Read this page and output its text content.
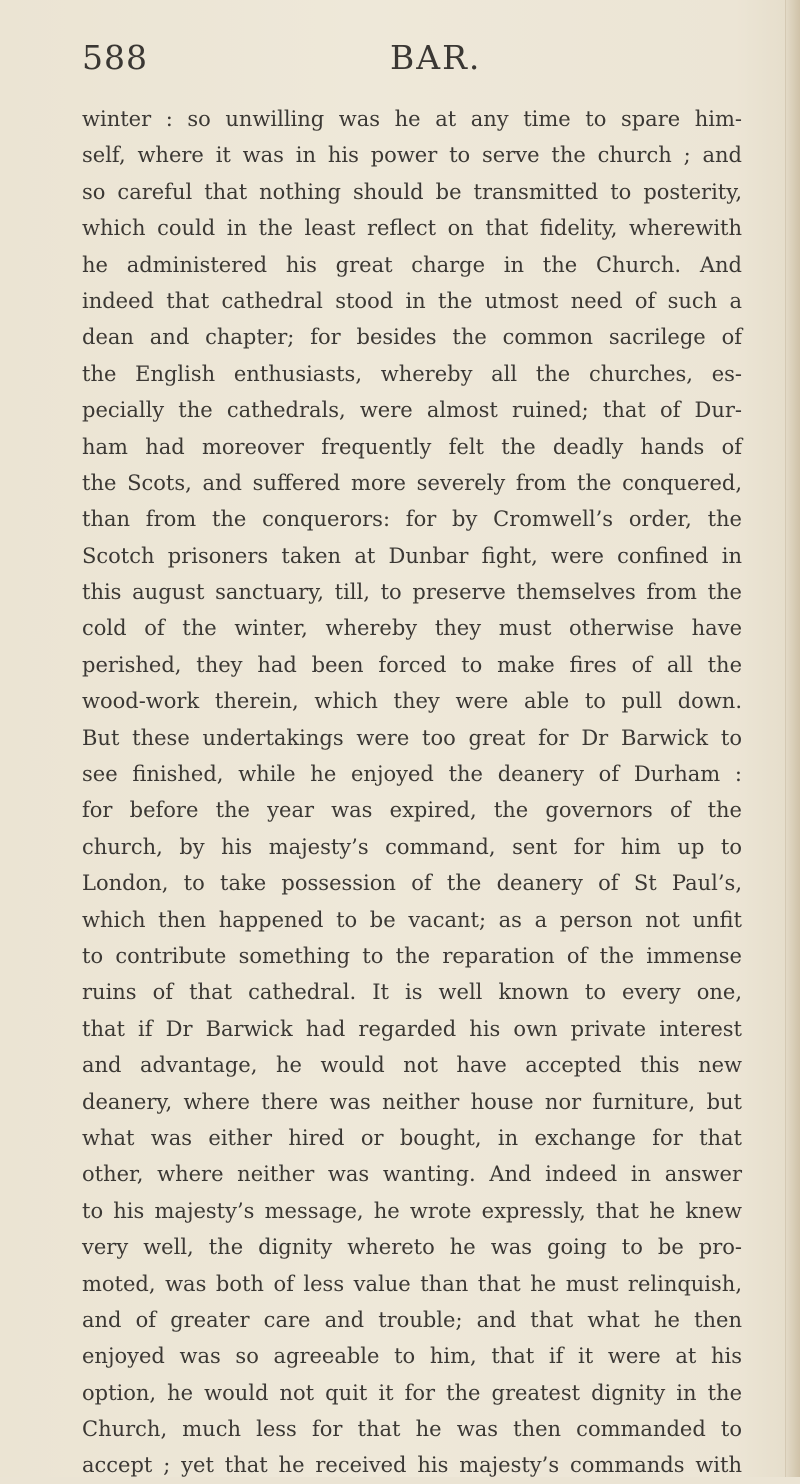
588	BAR.
winter : so unwilling was he at any time to spare him-
self, where it was in his power to serve the church ; and
so careful that nothing should be transmitted to posterity,
which could in the least reflect on that fidelity, wherewith
he administered his great charge in the Church. And
indeed that cathedral stood in the utmost need of such a
dean and chapter; for besides the common sacrilege of
the English enthusiasts, whereby all the churches, es-
pecially the cathedrals, were almost ruined; that of Dur-
ham had moreover frequently felt the deadly hands of
the Scots, and suffered more severely from the conquered,
than from the conquerors: for by Cromwell’s order, the
Scotch prisoners taken at Dunbar fight, were confined in
this august sanctuary, till, to preserve themselves from the
cold of the winter, whereby they must otherwise have
perished, they had been forced to make fires of all the
wood-work therein, which they were able to pull down.
But these undertakings were too great for Dr Barwick to
see finished, while he enjoyed the deanery of Durham :
for before the year was expired, the governors of the
church, by his majesty’s command, sent for him up to
London, to take possession of the deanery of St Paul’s,
which then happened to be vacant; as a person not unfit
to contribute something to the reparation of the immense
ruins of that cathedral. It is well known to every one,
that if Dr Barwick had regarded his own private interest
and advantage, he would not have accepted this new
deanery, where there was neither house nor furniture, but
what was either hired or bought, in exchange for that
other, where neither was wanting. And indeed in answer
to his majesty’s message, he wrote expressly, that he knew
very well, the dignity whereto he was going to be pro-
moted, was both of less value than that he must relinquish,
and of greater care and trouble; and that what he then
enjoyed was so agreeable to him, that if it were at his
option, he would not quit it for the greatest dignity in the
Church, much less for that he was then commanded to
accept ; yet that he received his majesty’s commands with
